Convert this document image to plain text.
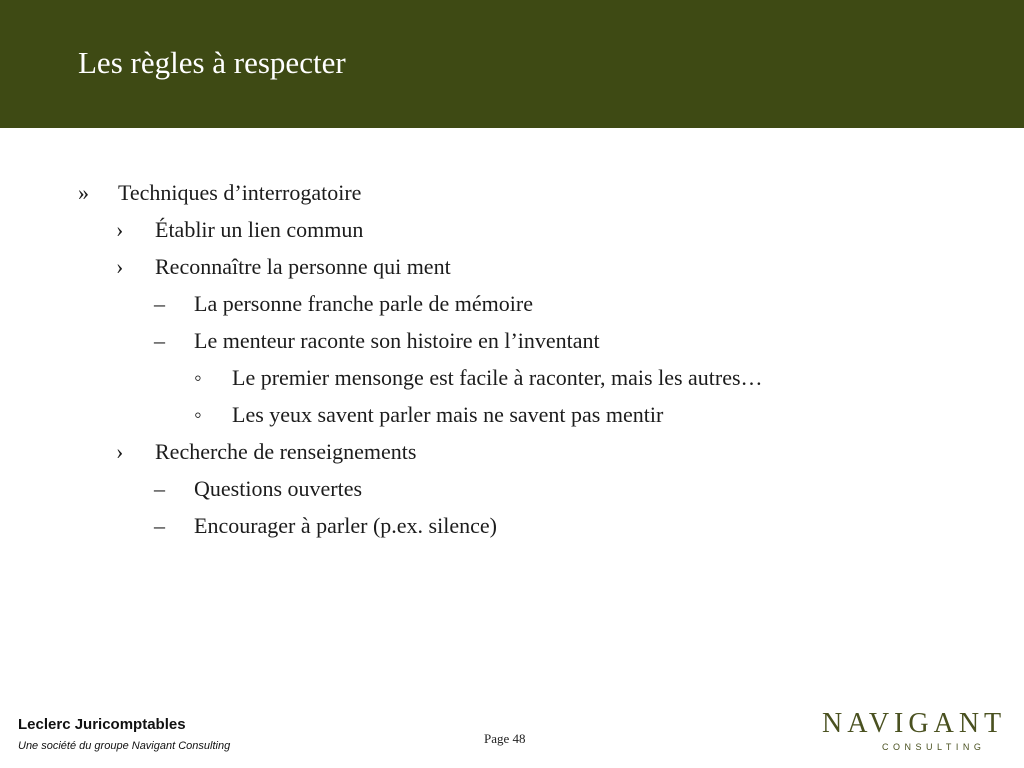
Les règles à respecter
» Techniques d’interrogatoire
› Établir un lien commun
› Reconnaître la personne qui ment
– La personne franche parle de mémoire
– Le menteur raconte son histoire en l’inventant
◦ Le premier mensonge est facile à raconter, mais les autres…
◦ Les yeux savent parler mais ne savent pas mentir
› Recherche de renseignements
– Questions ouvertes
– Encourager à parler (p.ex. silence)
Leclerc Juricomptables
Une société du groupe Navigant Consulting	Page 48	NAVIGANT
CONSULTING
